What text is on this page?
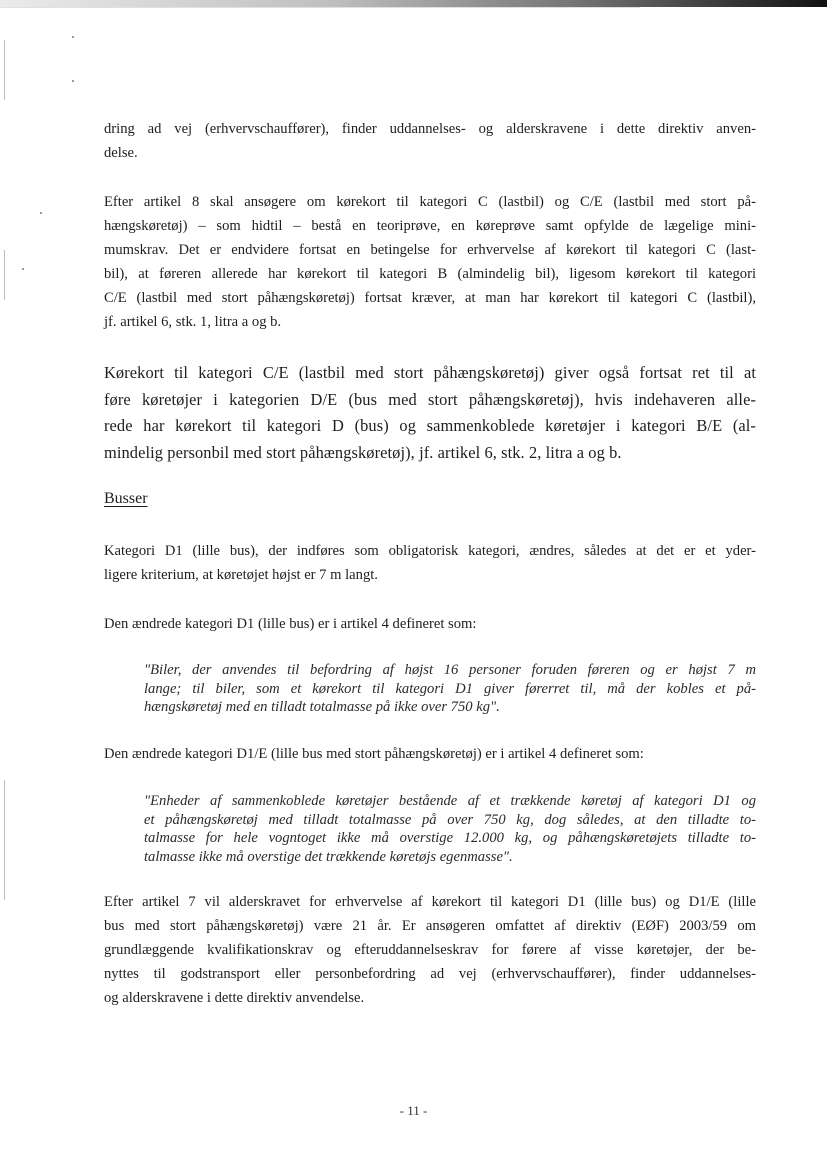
dring ad vej (erhvervschauffører), finder uddannelses- og alderskravene i dette direktiv anven-
delse.
Efter artikel 8 skal ansøgere om kørekort til kategori C (lastbil) og C/E (lastbil med stort på-
hængskøretøj) – som hidtil – bestå en teoriprøve, en køreprøve samt opfylde de lægelige mini-
mumskrav. Det er endvidere fortsat en betingelse for erhvervelse af kørekort til kategori C (last-
bil), at føreren allerede har kørekort til kategori B (almindelig bil), ligesom kørekort til kategori
C/E (lastbil med stort påhængskøretøj) fortsat kræver, at man har kørekort til kategori C (lastbil),
jf. artikel 6, stk. 1, litra a og b.
Kørekort til kategori C/E (lastbil med stort påhængskøretøj) giver også fortsat ret til at
føre køretøjer i kategorien D/E (bus med stort påhængskøretøj), hvis indehaveren alle-
rede har kørekort til kategori D (bus) og sammenkoblede køretøjer i kategori B/E (al-
mindelig personbil med stort påhængskøretøj), jf. artikel 6, stk. 2, litra a og b.
Busser
Kategori D1 (lille bus), der indføres som obligatorisk kategori, ændres, således at det er et yder-
ligere kriterium, at køretøjet højst er 7 m langt.
Den ændrede kategori D1 (lille bus) er i artikel 4 defineret som:
"Biler, der anvendes til befordring af højst 16 personer foruden føreren og er højst 7 m
lange; til biler, som et kørekort til kategori D1 giver førerret til, må der kobles et på-
hængskøretøj med en tilladt totalmasse på ikke over 750 kg".
Den ændrede kategori D1/E (lille bus med stort påhængskøretøj) er i artikel 4 defineret som:
"Enheder af sammenkoblede køretøjer bestående af et trækkende køretøj af kategori D1 og
et påhængskøretøj med tilladt totalmasse på over 750 kg, dog således, at den tilladte to-
talmasse for hele vogntoget ikke må overstige 12.000 kg, og påhængskøretøjets tilladte to-
talmasse ikke må overstige det trækkende køretøjs egenmasse".
Efter artikel 7 vil alderskravet for erhvervelse af kørekort til kategori D1 (lille bus) og D1/E (lille
bus med stort påhængskøretøj) være 21 år. Er ansøgeren omfattet af direktiv (EØF) 2003/59 om
grundlæggende kvalifikationskrav og efteruddannelseskrav for førere af visse køretøjer, der be-
nyttes til godstransport eller personbefordring ad vej (erhvervschauffører), finder uddannelses-
og alderskravene i dette direktiv anvendelse.
- 11 -
